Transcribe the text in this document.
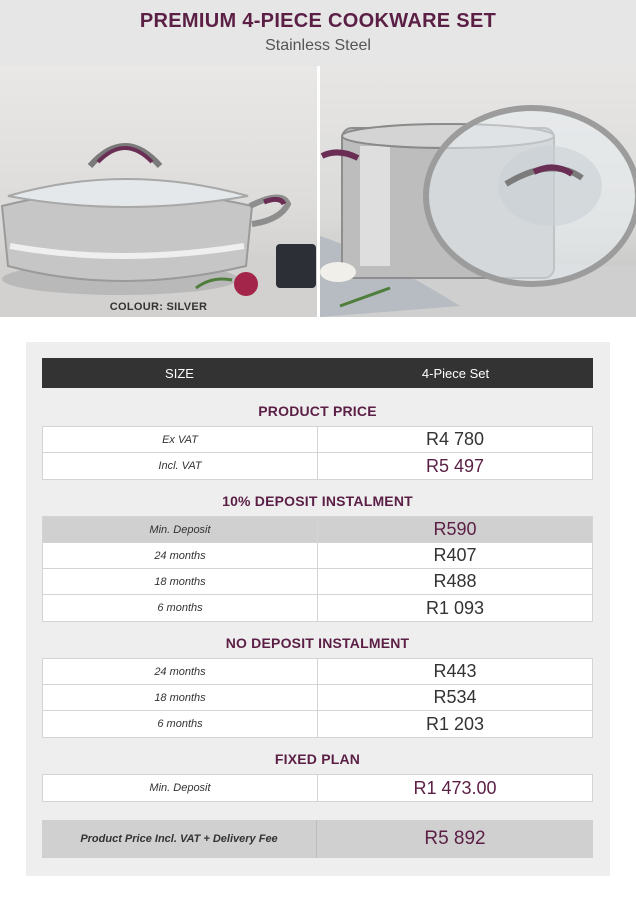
PREMIUM 4-PIECE COOKWARE SET
Stainless Steel
COLOUR: SILVER
SIZE	4-Piece Set
PRODUCT PRICE
Ex VAT	R4 780
Incl. VAT	R5 497
10% DEPOSIT INSTALMENT
Min. Deposit	R590
24 months	R407
18 months	R488
6 months	R1 093
NO DEPOSIT INSTALMENT
24 months	R443
18 months	R534
6 months	R1 203
FIXED PLAN
Min. Deposit	R1 473.00
Product Price Incl. VAT + Delivery Fee	R5 892
